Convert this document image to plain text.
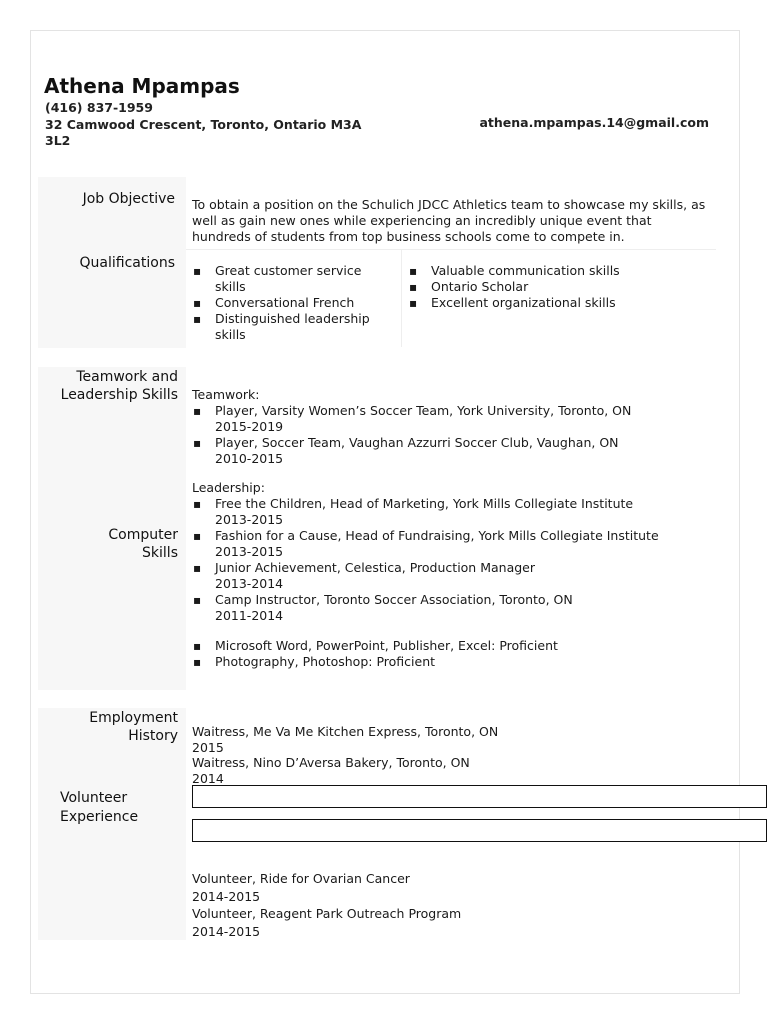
Athena Mpampas
(416) 837-1959
32 Camwood Crescent, Toronto, Ontario M3A 3L2
athena.mpampas.14@gmail.com
Job Objective To obtain a position on the Schulich JDCC Athletics team to showcase my skills, as well as gain new ones while experiencing an incredibly unique event that hundreds of students from top business schools come to compete in.
Qualifications
▪	Great customer service skills
▪ Conversational French
▪ Distinguished leadership skills
▪ Valuable communication skills
▪ Ontario Scholar
▪ Excellent organizational skills
Teamwork and Leadership Skills Teamwork:
▪ Player, Varsity Women’s Soccer Team, York University, Toronto, ON
2015-2019
▪ Player, Soccer Team, Vaughan Azzurri Soccer Club, Vaughan, ON
2010-2015
Leadership:
▪ Free the Children, Head of Marketing, York Mills Collegiate Institute
2013-2015
▪ Fashion for a Cause, Head of Fundraising, York Mills Collegiate Institute
2013-2015
▪ Junior Achievement, Celestica, Production Manager
2013-2014
▪ Camp Instructor, Toronto Soccer Association, Toronto, ON
2011-2014
Computer Skills
▪ Microsoft Word, PowerPoint, Publisher, Excel: Proficient
▪ Photography, Photoshop: Proficient
Employment History Waitress, Me Va Me Kitchen Express, Toronto, ON
2015
Waitress, Nino D’Aversa Bakery, Toronto, ON
2014
Volunteer Experience
Volunteer, Ride for Ovarian Cancer
2014-2015
Volunteer, Reagent Park Outreach Program
2014-2015
